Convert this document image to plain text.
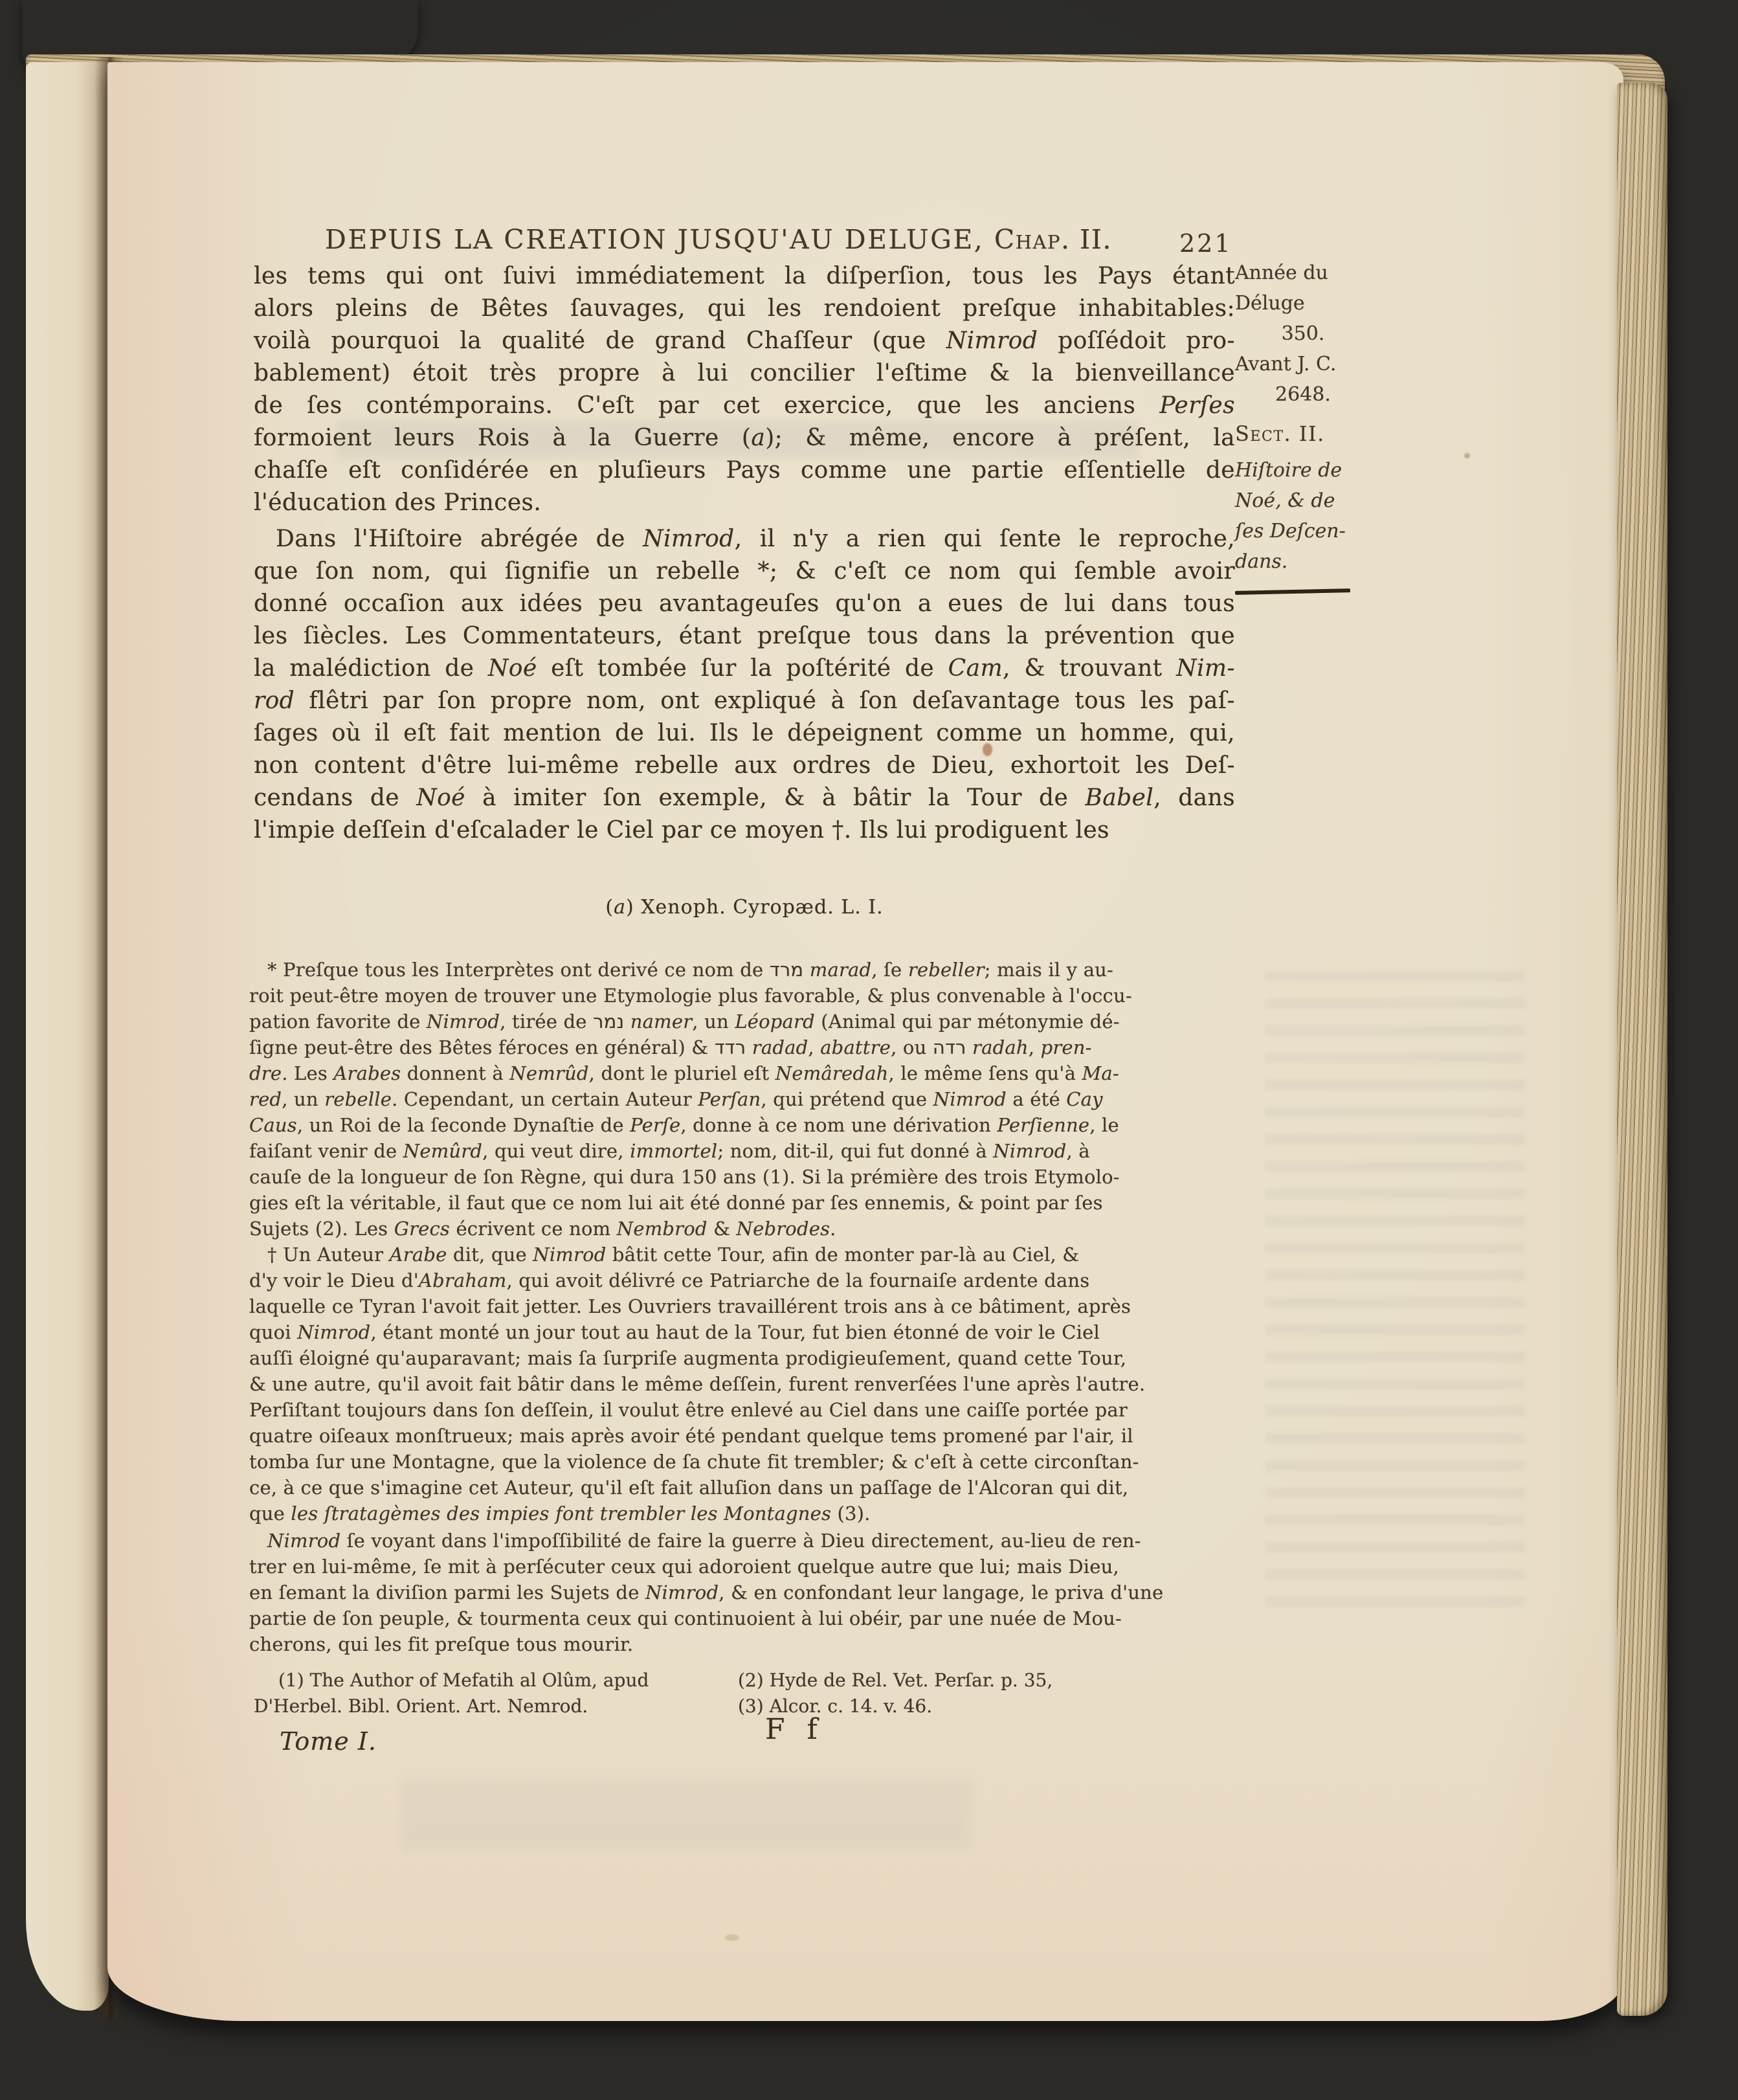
DEPUIS LA CREATION JUSQU'AU DELUGE, Chap. II.	221
les tems qui ont ſuivi immédiatement la diſperſion, tous les Pays étant
alors pleins de Bêtes ſauvages, qui les rendoient preſque inhabitables:
voilà pourquoi la qualité de grand Chaſſeur (que Nimrod poſſédoit pro-
bablement) étoit très propre à lui concilier l'eſtime & la bienveillance
de ſes contémporains. C'eſt par cet exercice, que les anciens Perſes
formoient leurs Rois à la Guerre (a); & même, encore à préſent, la
chaſſe eſt conſidérée en pluſieurs Pays comme une partie eſſentielle de
l'éducation des Princes.
Dans l'Hiſtoire abrégée de Nimrod, il n'y a rien qui ſente le reproche,
que ſon nom, qui ſignifie un rebelle *; & c'eſt ce nom qui ſemble avoir
donné occaſion aux idées peu avantageuſes qu'on a eues de lui dans tous
les ſiècles. Les Commentateurs, étant preſque tous dans la prévention que
la malédiction de Noé eſt tombée ſur la poſtérité de Cam, & trouvant Nim-
rod flêtri par ſon propre nom, ont expliqué à ſon deſavantage tous les paſ-
ſages où il eſt fait mention de lui. Ils le dépeignent comme un homme, qui,
non content d'être lui-même rebelle aux ordres de Dieu, exhortoit les Deſ-
cendans de Noé à imiter ſon exemple, & à bâtir la Tour de Babel, dans
l'impie deſſein d'eſcalader le Ciel par ce moyen †. Ils lui prodiguent les
(a) Xenoph. Cyropæd. L. I.
* Preſque tous les Interprètes ont derivé ce nom de מרד marad, ſe rebeller; mais il y au-
roit peut-être moyen de trouver une Etymologie plus favorable, & plus convenable à l'occu-
pation favorite de Nimrod, tirée de נמר namer, un Léopard (Animal qui par métonymie dé-
ſigne peut-être des Bêtes féroces en général) & רדד radad, abattre, ou רדה radah, pren-
dre. Les Arabes donnent à Nemrûd, dont le pluriel eſt Nemâredah, le même ſens qu'à Ma-
red, un rebelle. Cependant, un certain Auteur Perſan, qui prétend que Nimrod a été Cay
Caus, un Roi de la ſeconde Dynaſtie de Perſe, donne à ce nom une dérivation Perſienne, le
faiſant venir de Nemûrd, qui veut dire, immortel; nom, dit-il, qui fut donné à Nimrod, à
cauſe de la longueur de ſon Règne, qui dura 150 ans (1). Si la prémière des trois Etymolo-
gies eſt la véritable, il faut que ce nom lui ait été donné par ſes ennemis, & point par ſes
Sujets (2). Les Grecs écrivent ce nom Nembrod & Nebrodes.
† Un Auteur Arabe dit, que Nimrod bâtit cette Tour, afin de monter par-là au Ciel, &
d'y voir le Dieu d'Abraham, qui avoit délivré ce Patriarche de la fournaiſe ardente dans
laquelle ce Tyran l'avoit fait jetter. Les Ouvriers travaillérent trois ans à ce bâtiment, après
quoi Nimrod, étant monté un jour tout au haut de la Tour, fut bien étonné de voir le Ciel
auſſi éloigné qu'auparavant; mais ſa ſurpriſe augmenta prodigieuſement, quand cette Tour,
& une autre, qu'il avoit fait bâtir dans le même deſſein, furent renverſées l'une après l'autre.
Perſiſtant toujours dans ſon deſſein, il voulut être enlevé au Ciel dans une caiſſe portée par
quatre oiſeaux monſtrueux; mais après avoir été pendant quelque tems promené par l'air, il
tomba ſur une Montagne, que la violence de ſa chute fit trembler; & c'eſt à cette circonſtan-
ce, à ce que s'imagine cet Auteur, qu'il eſt fait alluſion dans un paſſage de l'Alcoran qui dit,
que les ſtratagèmes des impies font trembler les Montagnes (3).
Nimrod ſe voyant dans l'impoſſibilité de faire la guerre à Dieu directement, au-lieu de ren-
trer en lui-même, ſe mit à perſécuter ceux qui adoroient quelque autre que lui; mais Dieu,
en ſemant la diviſion parmi les Sujets de Nimrod, & en confondant leur langage, le priva d'une
partie de ſon peuple, & tourmenta ceux qui continuoient à lui obéir, par une nuée de Mou-
cherons, qui les fit preſque tous mourir.
(1) The Author of Mefatih al Olûm, apud
D'Herbel. Bibl. Orient. Art. Nemrod.
(2) Hyde de Rel. Vet. Perſar. p. 35,
(3) Alcor. c. 14. v. 46.
Tome I.	F f
Année du
Déluge
350.
Avant J. C.
2648.
Sect. II.
Hiſtoire de
Noé, & de
ſes Deſcen-
dans.
